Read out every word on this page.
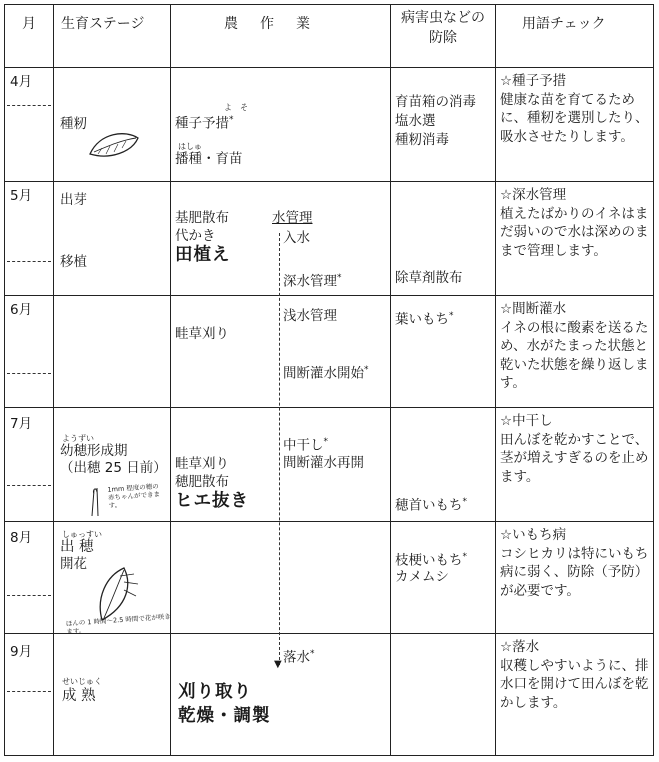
▼
月 生育ステージ	農　作　業	病害虫などの
防除
用語チェック
4月
5月
6月
7月
8月
9月
種籾
出芽
移植
ようずい
幼穂形成期
（出穂 25 日前）
1mm 程度の穂の赤ちゃんができます。
しゅっすい
出 穂
開花
ほんの 1 時間〜2.5 時間で花が咲きます。
せいじゅく
成 熟
よ　そ
種子予措*
はしゅ
播種・育苗
基肥散布
代かき
田植え
水管理
入水
深水管理*
畦草刈り
浅水管理
間断灌水開始*
畦草刈り
穂肥散布
ヒエ抜き
中干し*
間断灌水再開
落水*
刈り取り
乾燥・調製
育苗箱の消毒
塩水選
種籾消毒
除草剤散布
葉いもち*
穂首いもち*
枝梗いもち*
カメムシ
☆種子予措
健康な苗を育てるために、種籾を選別したり、吸水させたりします。
☆深水管理
植えたばかりのイネはまだ弱いので水は深めのままで管理します。
☆間断灌水
イネの根に酸素を送るため、水がたまった状態と乾いた状態を繰り返します。
☆中干し
田んぼを乾かすことで、茎が増えすぎるのを止めます。
☆いもち病
コシヒカリは特にいもち病に弱く、防除（予防）が必要です。
☆落水
収穫しやすいように、排水口を開けて田んぼを乾かします。
